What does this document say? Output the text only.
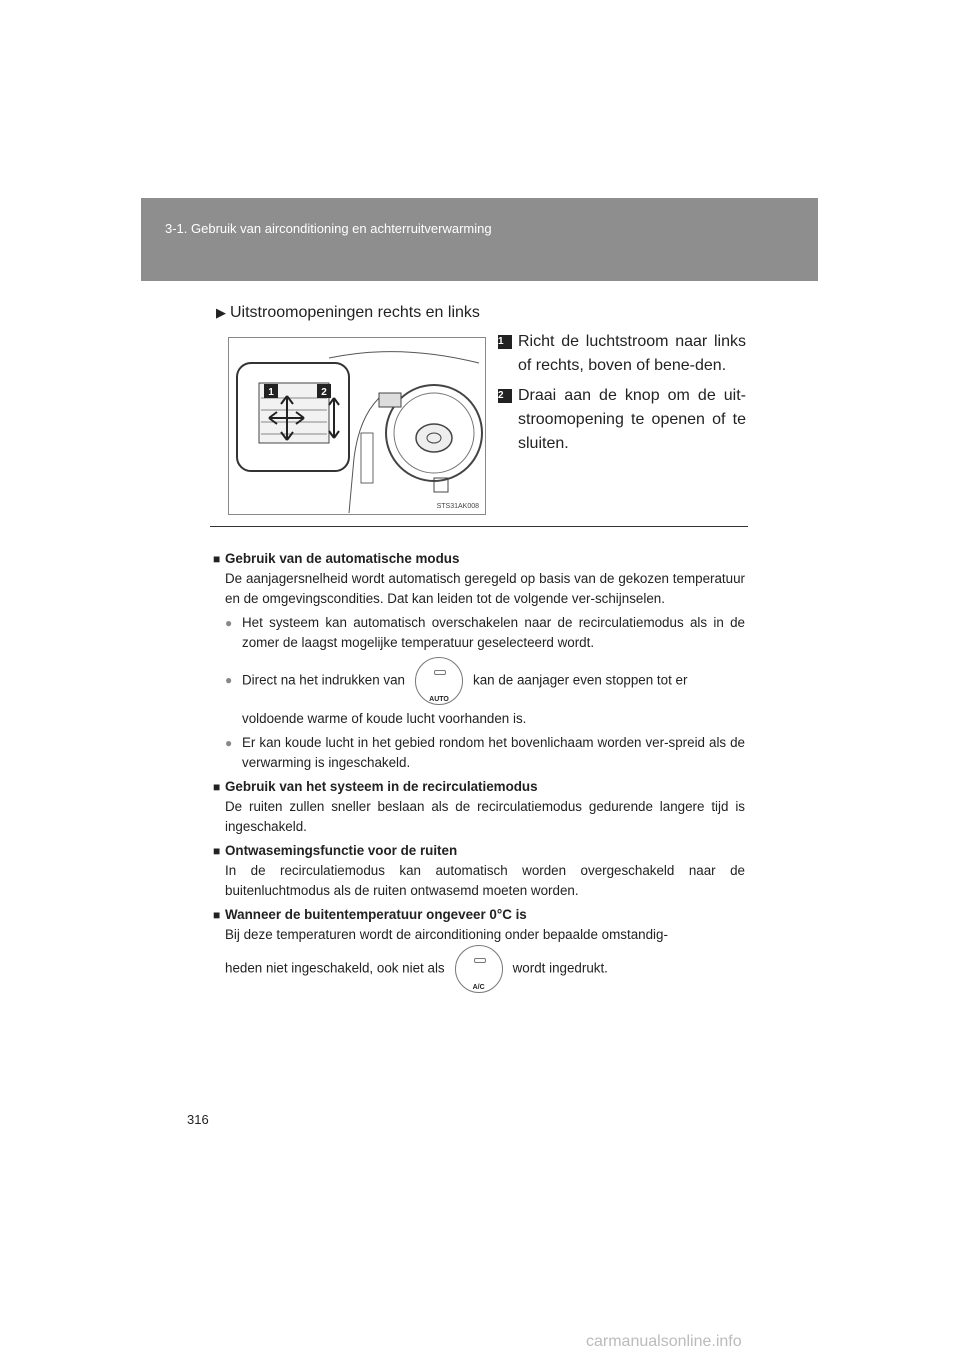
3-1. Gebruik van airconditioning en achterruitverwarming
▶ Uitstroomopeningen rechts en links
1	2
STS31AK008
1 Richt de luchtstroom naar links of rechts, boven of bene-den.
2 Draai aan de knop om de uit-stroomopening te openen of te sluiten.
■ Gebruik van de automatische modus
De aanjagersnelheid wordt automatisch geregeld op basis van de gekozen temperatuur en de omgevingscondities. Dat kan leiden tot de volgende ver-schijnselen.
● Het systeem kan automatisch overschakelen naar de recirculatiemodus als in de zomer de laagst mogelijke temperatuur geselecteerd wordt.
● Direct na het indrukken van
AUTO
kan de aanjager even stoppen tot er
voldoende warme of koude lucht voorhanden is.
● Er kan koude lucht in het gebied rondom het bovenlichaam worden ver-spreid als de verwarming is ingeschakeld.
■ Gebruik van het systeem in de recirculatiemodus
De ruiten zullen sneller beslaan als de recirculatiemodus gedurende langere tijd is ingeschakeld.
■ Ontwasemingsfunctie voor de ruiten
In de recirculatiemodus kan automatisch worden overgeschakeld naar de buitenluchtmodus als de ruiten ontwasemd moeten worden.
■ Wanneer de buitentemperatuur ongeveer 0°C is
Bij deze temperaturen wordt de airconditioning onder bepaalde omstandig-
heden niet ingeschakeld, ook niet als
A/C
wordt ingedrukt.
316
carmanualsonline.info
